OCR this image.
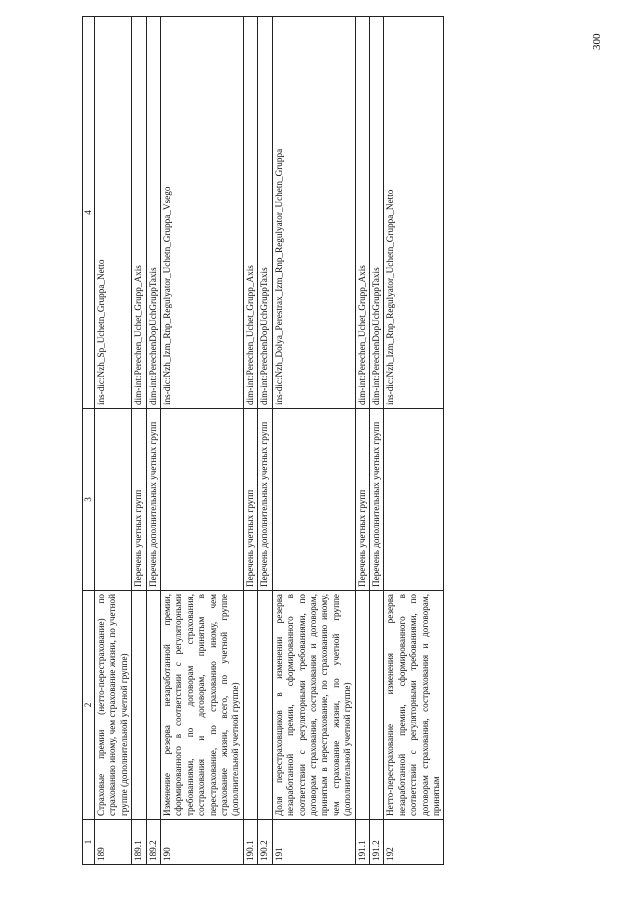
300
1	2	3	4
189	Страховые премии (нетто-перестрахование) по страхованию иному, чем страхование жизни, по учетной группе (дополнительной учетной группе)		ins-dic:Nzh_Sp_Uchetn_Gruppa_Netto
189.1		Перечень учетных групп	dim-int:Perechen_Uchet_Grupp_Axis
189.2		Перечень дополнительных учетных групп	dim-int:PerechenDopUchGruppTaxis
190	Изменение резерва незаработанной премии, сформированного в соответствии с регуляторными требованиями, по договорам страхования, сострахования и договорам, принятым в перестрахование, по страхованию иному, чем страхование жизни, всего, по учетной группе (дополнительной учетной группе)		ins-dic:Nzh_Izm_Rnp_Regulyator_Uchetn_Gruppa_Vsego
190.1		Перечень учетных групп	dim-int:Perechen_Uchet_Grupp_Axis
190.2		Перечень дополнительных учетных групп	dim-int:PerechenDopUchGruppTaxis
191	Доля перестраховщиков в изменении резерва незаработанной премии, сформированного в соответствии с регуляторными требованиями, по договорам страхования, сострахования и договорам, принятым в перестрахование, по страхованию иному, чем страхование жизни, по учетной группе (дополнительной учетной группе)		ins-dic:Nzh_Dolya_Perestrax_Izm_Rnp_Regulyator_Uchetn_Gruppa
191.1		Перечень учетных групп	dim-int:Perechen_Uchet_Grupp_Axis
191.2		Перечень дополнительных учетных групп	dim-int:PerechenDopUchGruppTaxis
192	Нетто-перестрахование изменения резерва незаработанной премии, сформированного в соответствии с регуляторными требованиями, по договорам страхования, сострахования и договорам, принятым		ins-dic:Nzh_Izm_Rnp_Regulyator_Uchetn_Gruppa_Netto
